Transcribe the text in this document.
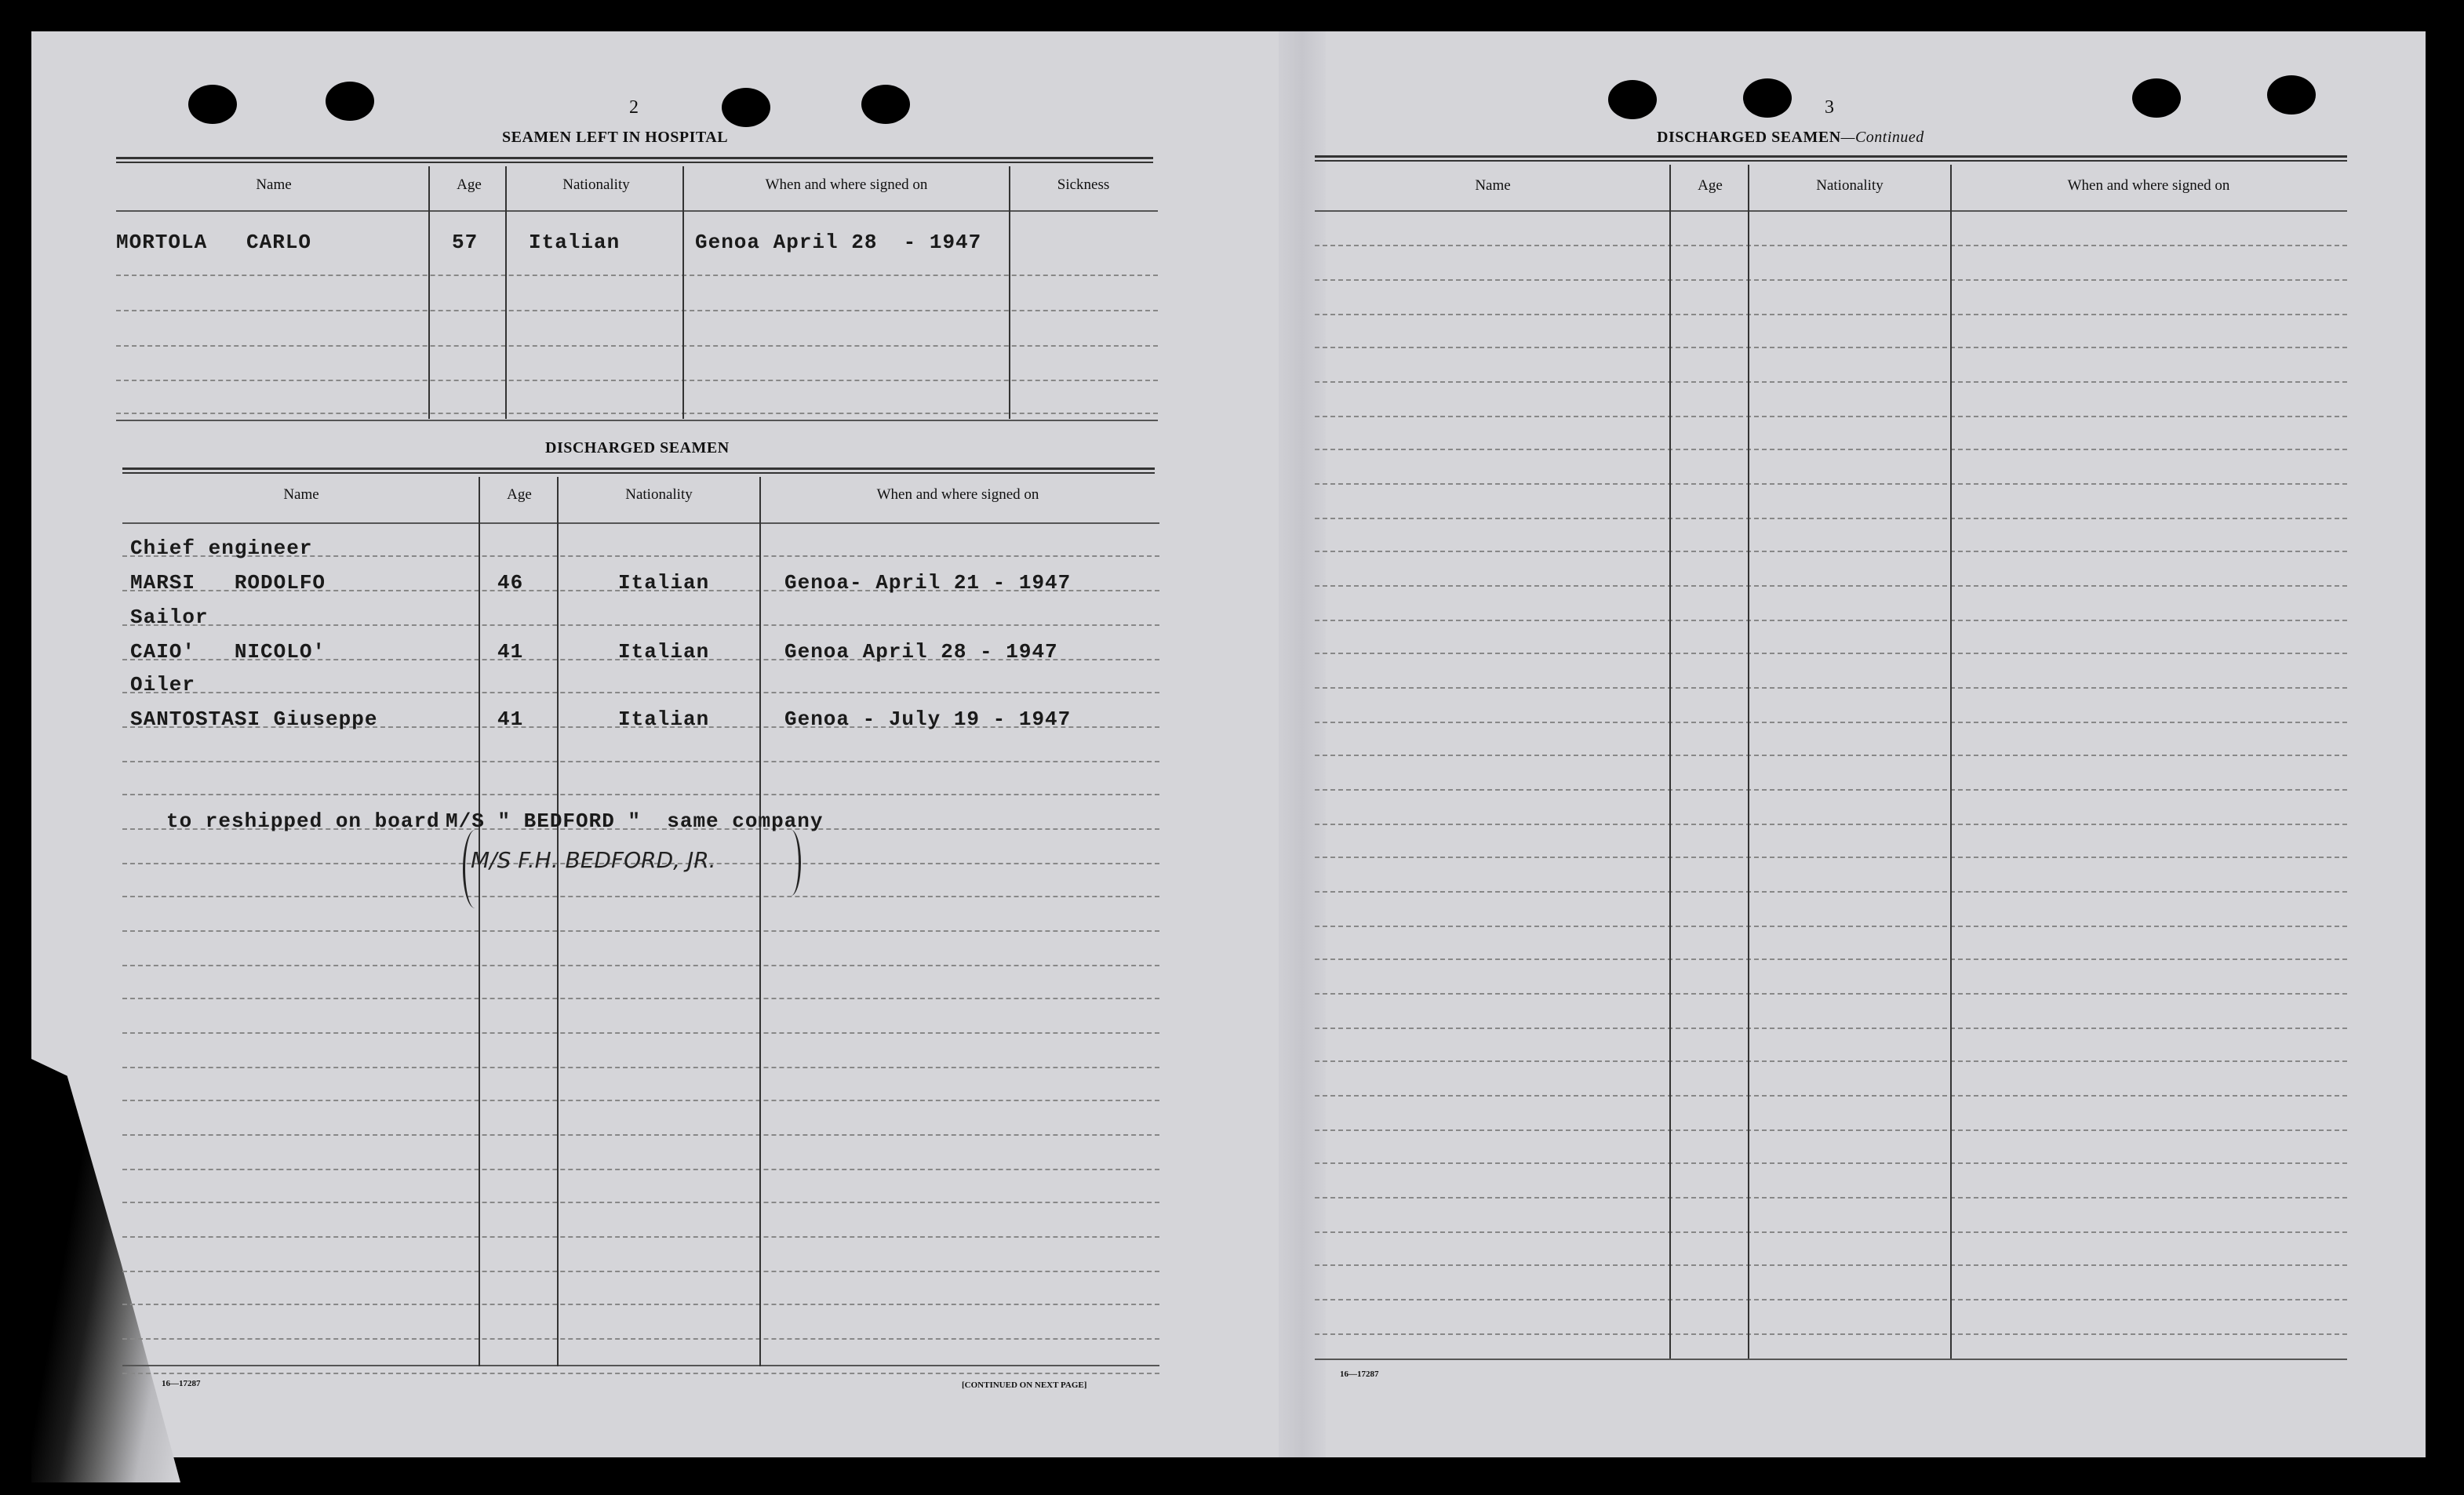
2
SEAMEN LEFT IN HOSPITAL
Name	Age	Nationality	When and where signed on	Sickness
MORTOLA   CARLO	57 Italian	Genoa April 28  - 1947
DISCHARGED SEAMEN
Name	Age	Nationality	When and where signed on
Chief engineer
MARSI   RODOLFO	46	Italian	Genoa- April 21 - 1947
Sailor
CAIO'   NICOLO'	41	Italian	Genoa April 28 - 1947
Oiler
SANTOSTASI Giuseppe	41	Italian	Genoa - July 19 - 1947
to reshipped on board M/S " BEDFORD "  same company
M/S F.H. BEDFORD, JR.
16—17287	[CONTINUED ON NEXT PAGE]
3
DISCHARGED SEAMEN—Continued
Name	Age	Nationality	When and where signed on
16—17287
